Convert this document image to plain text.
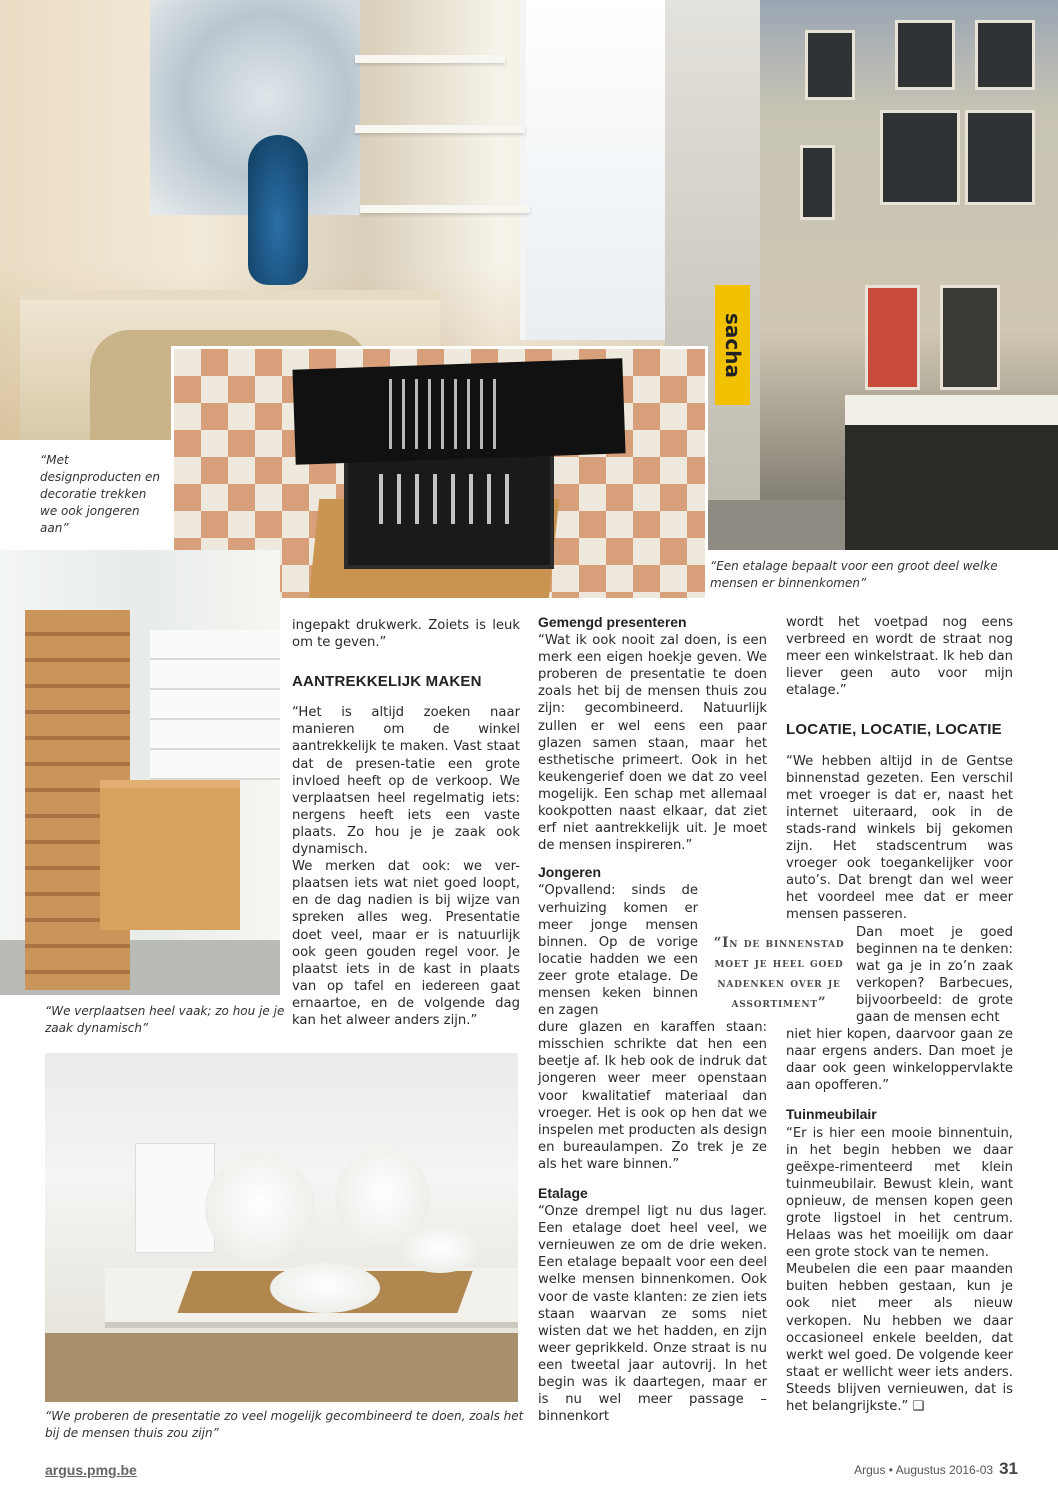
sacha
“Met designproducten en decoratie trekken we ook jongeren aan”
“Een etalage bepaalt voor een groot deel welke mensen er binnenkomen”
“We verplaatsen heel vaak; zo hou je je zaak dynamisch”
“We proberen de presentatie zo veel mogelijk gecombineerd te doen, zoals het bij de mensen thuis zou zijn”

ingepakt drukwerk. Zoiets is leuk om te geven.”

AANTREKKELIJK MAKEN

“Het is altijd zoeken naar manieren om de winkel aantrekkelijk te maken. Vast staat dat de presen-tatie een grote invloed heeft op de verkoop. We verplaatsen heel regelmatig iets: nergens heeft iets een vaste plaats. Zo hou je je zaak ook dynamisch.

We merken dat ook: we ver-plaatsen iets wat niet goed loopt, en de dag nadien is bij wijze van spreken alles weg. Presentatie doet veel, maar er is natuurlijk ook geen gouden regel voor. Je plaatst iets in de kast in plaats van op tafel en iedereen gaat ernaartoe, en de volgende dag kan het alweer anders zijn.”

Gemengd presenteren

“Wat ik ook nooit zal doen, is een merk een eigen hoekje geven. We proberen de presentatie te doen zoals het bij de mensen thuis zou zijn: gecombineerd. Natuurlijk zullen er wel eens een paar glazen samen staan, maar het esthetische primeert. Ook in het keukengerief doen we dat zo veel mogelijk. Een schap met allemaal kookpotten naast elkaar, dat ziet erf niet aantrekkelijk uit. Je moet de mensen inspireren.”

Jongeren

“Opvallend: sinds de verhuizing komen er meer jonge mensen binnen. Op de vorige locatie hadden we een zeer grote etalage. De mensen keken binnen en zagen

dure glazen en karaffen staan: misschien schrikte dat hen een beetje af. Ik heb ook de indruk dat jongeren weer meer openstaan voor kwalitatief materiaal dan vroeger. Het is ook op hen dat we inspelen met producten als design en bureaulampen. Zo trek je ze als het ware binnen.”

Etalage

“Onze drempel ligt nu dus lager. Een etalage doet heel veel, we vernieuwen ze om de drie weken. Een etalage bepaalt voor een deel welke mensen binnenkomen. Ook voor de vaste klanten: ze zien iets staan waarvan ze soms niet wisten dat we het hadden, en zijn weer geprikkeld. Onze straat is nu een tweetal jaar autovrij. In het begin was ik daartegen, maar er is nu wel meer passage – binnenkort

“In de binnenstad moet je heel goed nadenken over je assortiment”

wordt het voetpad nog eens verbreed en wordt de straat nog meer een winkelstraat. Ik heb dan liever geen auto voor mijn etalage.”

LOCATIE, LOCATIE, LOCATIE

“We hebben altijd in de Gentse binnenstad gezeten. Een verschil met vroeger is dat er, naast het internet uiteraard, ook in de stads-rand winkels bij gekomen zijn. Het stadscentrum was vroeger ook toegankelijker voor auto’s. Dat brengt dan wel weer het voordeel mee dat er meer mensen passeren.

Dan moet je goed beginnen na te denken: wat ga je in zo’n zaak verkopen? Barbecues, bijvoorbeeld: de grote gaan de mensen echt

niet hier kopen, daarvoor gaan ze naar ergens anders. Dan moet je daar ook geen winkeloppervlakte aan opofferen.”

Tuinmeubilair

“Er is hier een mooie binnentuin, in het begin hebben we daar geëxpe-rimenteerd met klein tuinmeubilair. Bewust klein, want opnieuw, de mensen kopen geen grote ligstoel in het centrum. Helaas was het moeilijk om daar een grote stock van te nemen.

Meubelen die een paar maanden buiten hebben gestaan, kun je ook niet meer als nieuw verkopen. Nu hebben we daar occasioneel enkele beelden, dat werkt wel goed. De volgende keer staat er wellicht weer iets anders. Steeds blijven vernieuwen, dat is het belangrijkste.” ❑

argus.pmg.be	Argus • Augustus 2016-03 31
